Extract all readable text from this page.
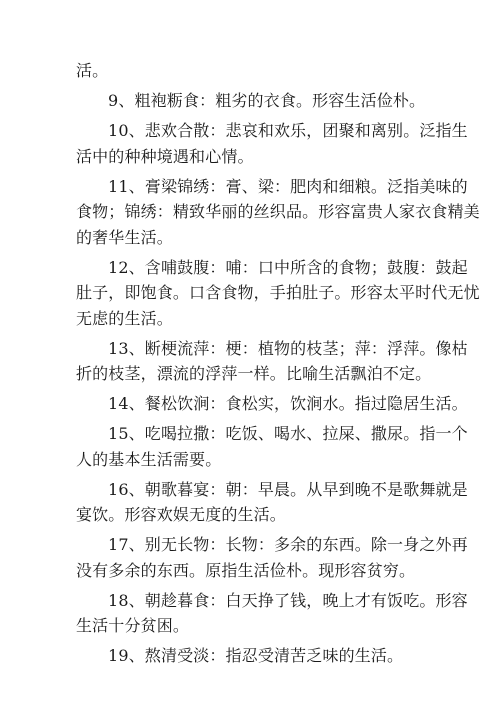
活。
9、粗袍粝食：粗劣的衣食。形容生活俭朴。
10、悲欢合散：悲哀和欢乐，团聚和离别。泛指生
活中的种种境遇和心情。
11、膏梁锦绣：膏、梁：肥肉和细粮。泛指美味的
食物；锦绣：精致华丽的丝织品。形容富贵人家衣食精美
的奢华生活。
12、含哺鼓腹：哺：口中所含的食物；鼓腹：鼓起
肚子，即饱食。口含食物，手拍肚子。形容太平时代无忧
无虑的生活。
13、断梗流萍：梗：植物的枝茎；萍：浮萍。像枯
折的枝茎，漂流的浮萍一样。比喻生活飘泊不定。
14、餐松饮涧：食松实，饮涧水。指过隐居生活。
15、吃喝拉撒：吃饭、喝水、拉屎、撒尿。指一个
人的基本生活需要。
16、朝歌暮宴：朝：早晨。从早到晚不是歌舞就是
宴饮。形容欢娱无度的生活。
17、别无长物：长物：多余的东西。除一身之外再
没有多余的东西。原指生活俭朴。现形容贫穷。
18、朝趁暮食：白天挣了钱，晚上才有饭吃。形容
生活十分贫困。
19、熬清受淡：指忍受清苦乏味的生活。
